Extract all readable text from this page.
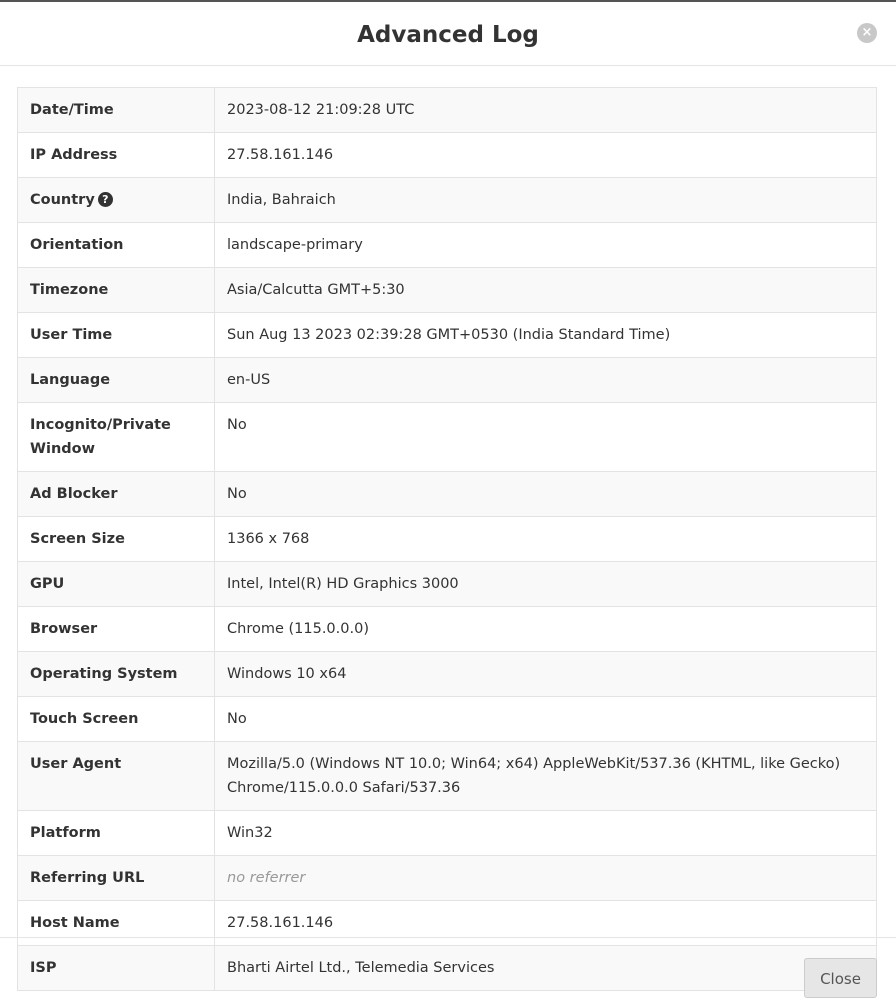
Advanced Log	×
Date/Time	2023-08-12 21:09:28 UTC
IP Address	27.58.161.146
Country ?	India, Bahraich
Orientation	landscape-primary
Timezone	Asia/Calcutta GMT+5:30
User Time	Sun Aug 13 2023 02:39:28 GMT+0530 (India Standard Time)
Language	en-US
Incognito/Private Window	No
Ad Blocker	No
Screen Size	1366 x 768
GPU	Intel, Intel(R) HD Graphics 3000
Browser	Chrome (115.0.0.0)
Operating System	Windows 10 x64
Touch Screen	No
User Agent	Mozilla/5.0 (Windows NT 10.0; Win64; x64) AppleWebKit/537.36 (KHTML, like Gecko) Chrome/115.0.0.0 Safari/537.36
Platform	Win32
Referring URL	no referrer
Host Name	27.58.161.146
ISP	Bharti Airtel Ltd., Telemedia Services
Close
